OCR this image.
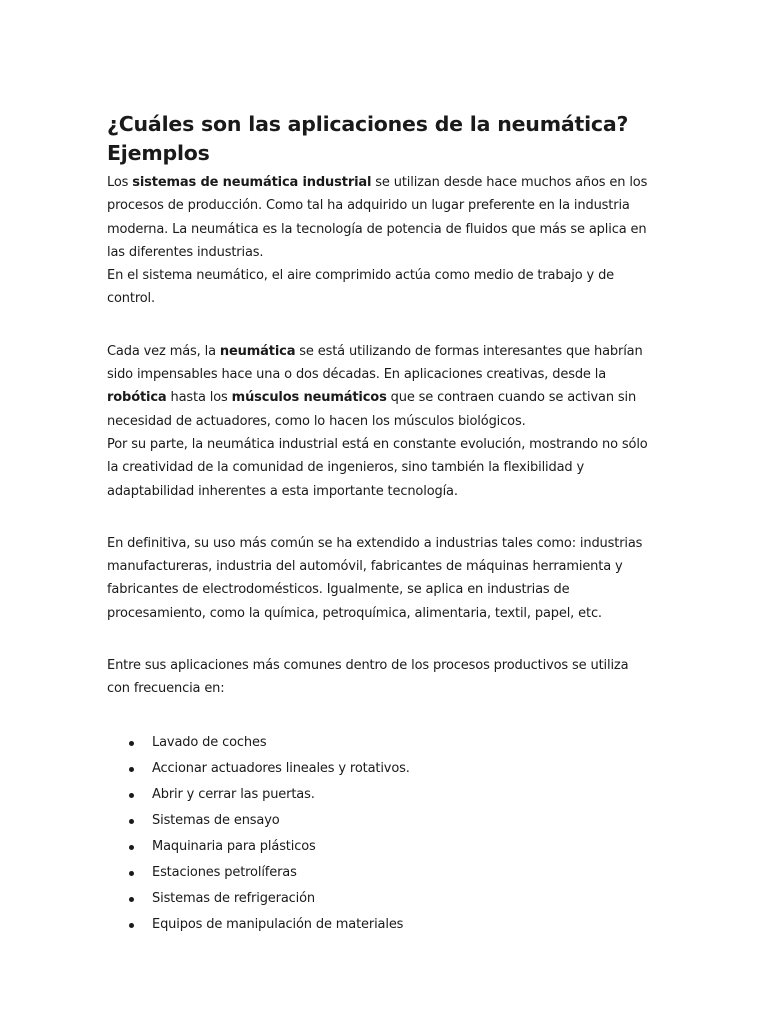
¿Cuáles son las aplicaciones de la neumática? Ejemplos

Los sistemas de neumática industrial se utilizan desde hace muchos años en los procesos de producción. Como tal ha adquirido un lugar preferente en la industria moderna. La neumática es la tecnología de potencia de fluidos que más se aplica en las diferentes industrias.

En el sistema neumático, el aire comprimido actúa como medio de trabajo y de control.

Cada vez más, la neumática se está utilizando de formas interesantes que habrían sido impensables hace una o dos décadas. En aplicaciones creativas, desde la robótica hasta los músculos neumáticos que se contraen cuando se activan sin necesidad de actuadores, como lo hacen los músculos biológicos.

Por su parte, la neumática industrial está en constante evolución, mostrando no sólo la creatividad de la comunidad de ingenieros, sino también la flexibilidad y adaptabilidad inherentes a esta importante tecnología.

En definitiva, su uso más común se ha extendido a industrias tales como: industrias manufactureras, industria del automóvil, fabricantes de máquinas herramienta y fabricantes de electrodomésticos. Igualmente, se aplica en industrias de procesamiento, como la química, petroquímica, alimentaria, textil, papel, etc.

Entre sus aplicaciones más comunes dentro de los procesos productivos se utiliza con frecuencia en:

Lavado de coches
Accionar actuadores lineales y rotativos.
Abrir y cerrar las puertas.
Sistemas de ensayo
Maquinaria para plásticos
Estaciones petrolíferas
Sistemas de refrigeración
Equipos de manipulación de materiales
